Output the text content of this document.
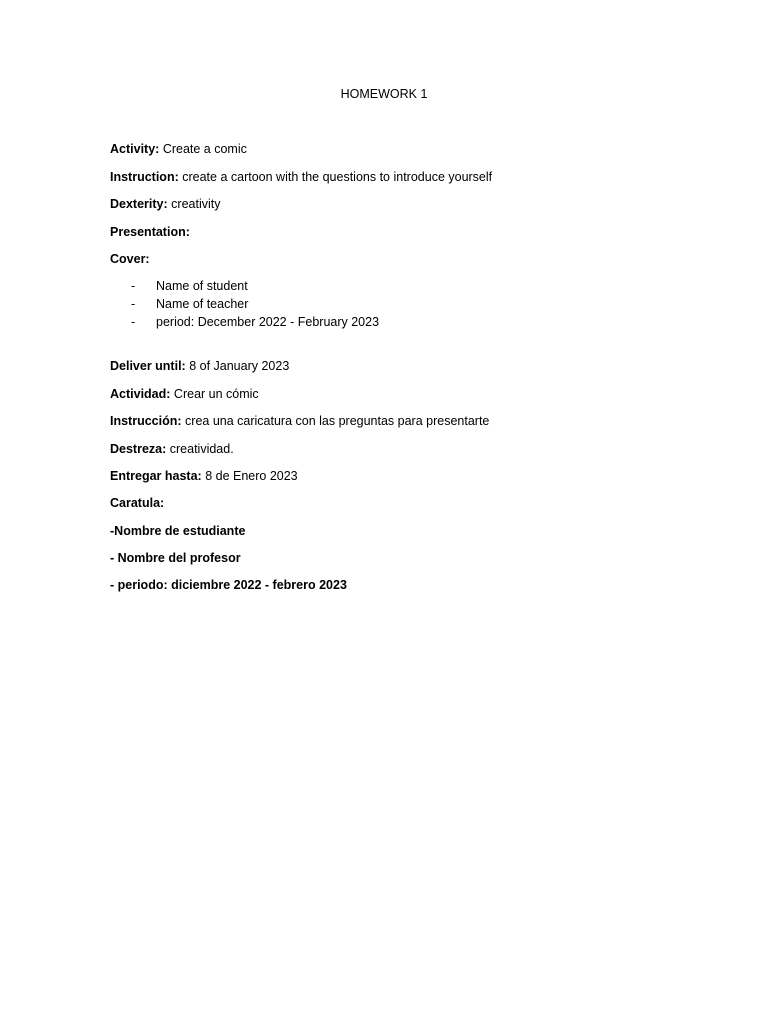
HOMEWORK 1
Activity: Create a comic
Instruction: create a cartoon with the questions to introduce yourself
Dexterity: creativity
Presentation:
Cover:
- Name of student
- Name of teacher
- period: December 2022 - February 2023
Deliver until: 8 of January 2023
Actividad: Crear un cómic
Instrucción: crea una caricatura con las preguntas para presentarte
Destreza: creatividad.
Entregar hasta: 8 de Enero 2023
Caratula:
-Nombre de estudiante
- Nombre del profesor
- periodo: diciembre 2022 - febrero 2023
